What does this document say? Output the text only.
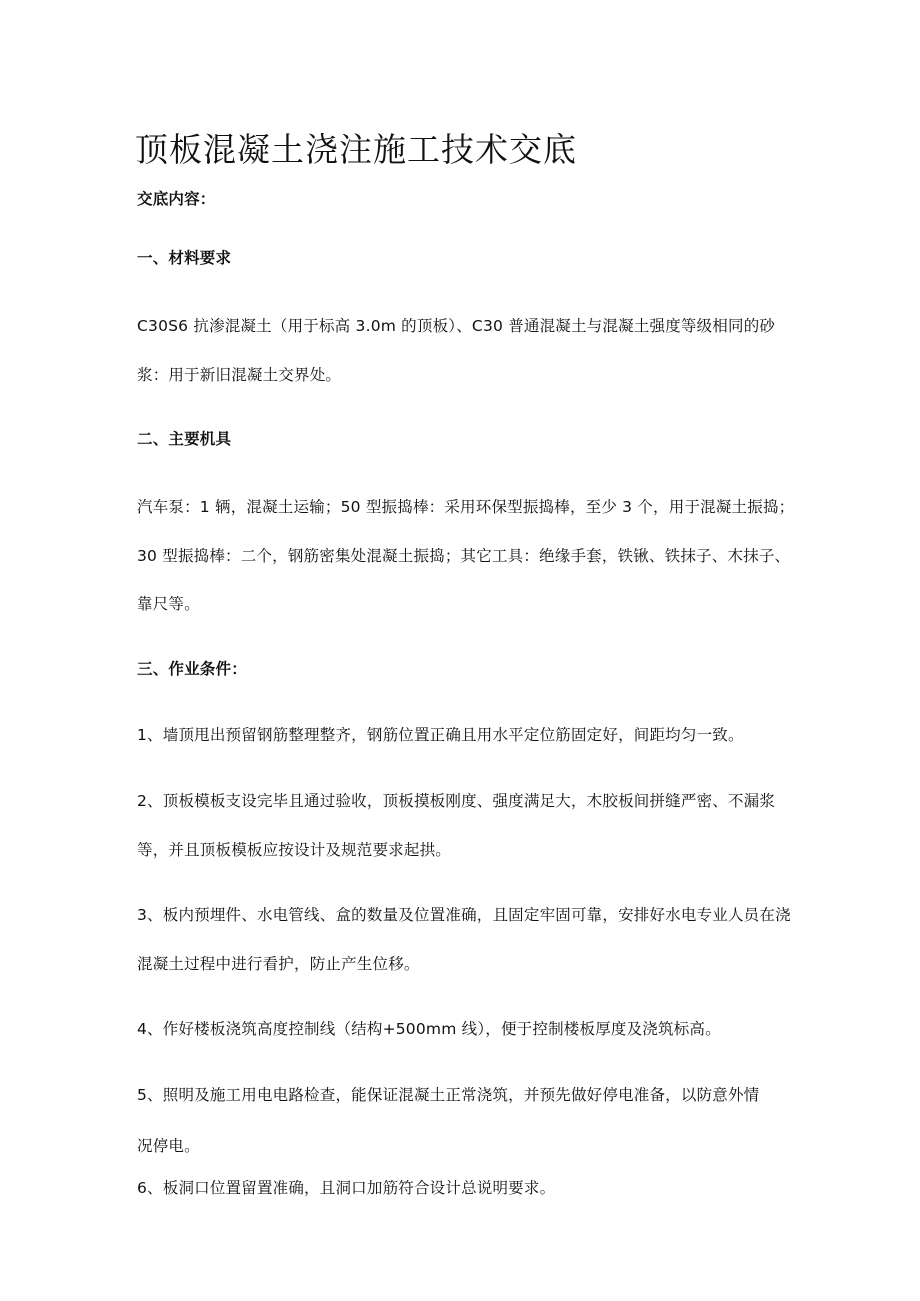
顶板混凝土浇注施工技术交底
交底内容：
一、材料要求
C30S6 抗渗混凝土（用于标高 3.0m 的顶板）、C30 普通混凝土与混凝土强度等级相同的砂
浆：用于新旧混凝土交界处。
二、主要机具
汽车泵：1 辆，混凝土运输；50 型振捣棒：采用环保型振捣棒，至少 3 个，用于混凝土振捣；
30 型振捣棒：二个，钢筋密集处混凝土振捣；其它工具：绝缘手套，铁锹、铁抹子、木抹子、
靠尺等。
三、作业条件：
1、墙顶甩出预留钢筋整理整齐，钢筋位置正确且用水平定位筋固定好，间距均匀一致。
2、顶板模板支设完毕且通过验收，顶板摸板刚度、强度满足大，木胶板间拼缝严密、不漏浆
等，并且顶板模板应按设计及规范要求起拱。
3、板内预埋件、水电管线、盒的数量及位置准确，且固定牢固可靠，安排好水电专业人员在浇
混凝土过程中进行看护，防止产生位移。
4、作好楼板浇筑高度控制线（结构+500mm 线），便于控制楼板厚度及浇筑标高。
5、照明及施工用电电路检查，能保证混凝土正常浇筑，并预先做好停电准备，以防意外情
况停电。
6、板洞口位置留置准确，且洞口加筋符合设计总说明要求。
